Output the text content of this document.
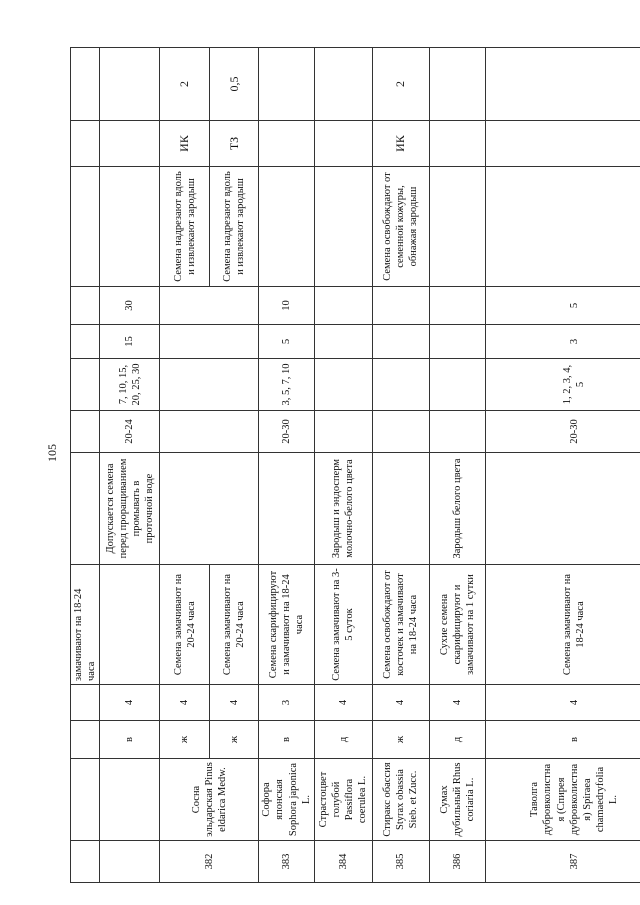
105
				замачивают на 18-24 часа								
		в	4		Допускается семена перед проращиванием промывать в проточной воде	20-24	7, 10, 15, 20, 25, 30	15	30			
382	Сосна эльдарская Pinus eldarica Medw.	ж	4	Семена замачивают на 20-24 часа						Семена надрезают вдоль и извлекают зародыш	ИК	2
		ж	4	Семена замачивают на 20-24 часа						Семена надрезают вдоль и извлекают зародыш	ТЗ	0,5
383	Софора японская Sophora japonica L.	в	3	Семена скарифицируют и замачивают на 18-24 часа		20-30	3, 5, 7, 10	5	10			
384	Страстоцвет голубой Passiflora coerulea L.	д	4	Семена замачивают на 3-5 суток	Зародыш и эндосперм молочно-белого цвета							
385	Стиракс обаccия Styrax obassia Sieb. et Zucc.	ж	4	Семена освобождают от косточек и замачивают на 18-24 часа						Семена освобождают от семенной кожуры, обнажая зародыш	ИК	2
386	Сумах дубильный Rhus coriaria L.	д	4	Сухие семена скарифицируют и замачивают на 1 сутки	Зародыш белого цвета							
387	Таволга дубровколистная (Спирея дубровколистная) Spiraea chamaedryfolia L.	в	4	Семена замачивают на 18-24 часа		20-30	1, 2, 3, 4, 5	3	5			
